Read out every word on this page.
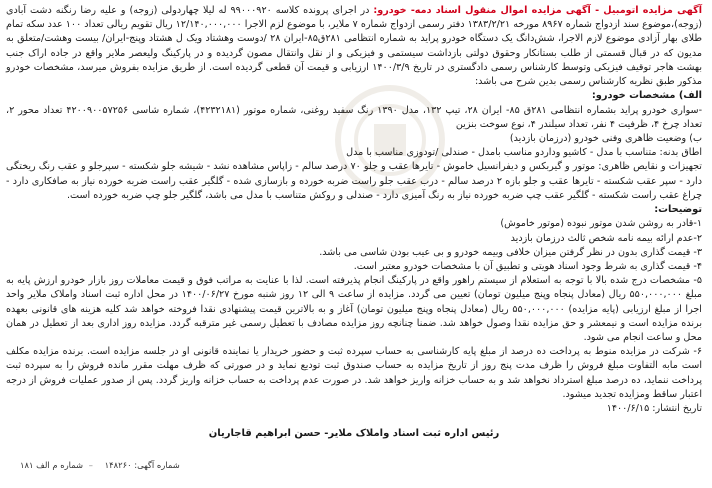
آگهی مزایده اتومبیل - آگهی مزایده اموال منقول اسناد دمه- خودرو: در اجرای پرونده کلاسه ۹۹۰۰۰۹۲۰ له لیلا چهاردولی (زوجه) و علیه رضا رنگنه دشت آبادی (زوجه)،موضوع سند ازدواج شماره ۸۹۶۷ مورخه ۱۳۸۳/۲/۲۱ دفتر رسمی ازدواج شماره ۷ ملایر، با موضوع لزم الاجرا ۱۲/۱۴۰,۰۰۰,۰۰۰ ریال تقویم ریالی تعداد ۱۰۰ عدد سکه تمام طلای بهار آزادی موضوع لازم الاجرا، شش‌دانگ یک دستگاه خودرو پراید به شماره انتظامی ۲۸۱ق۸۵-ایران ۲۸ /دوست وهشتاد ویک ل هشتاد وپنج-ایران/ بیست وهشت/متعلق به مدیون که در قبال قسمتی از طلب بستانکار وحقوق دولتی بازداشت سیستمی و فیزیکی و از نقل وانتقال مصون گردیده و در پارکینگ ولیعصر ملایر واقع در جاده اراک جنب بهشت هاجر توقیف فیزیکی وتوسط کارشناس رسمی دادگستری در تاریخ ۱۴۰۰/۳/۹ ارزیابی و قیمت آن قطعی گردیده است. از طریق مزایده بفروش میرسد، مشخصات خودرو مذکور طبق نظریه کارشناس رسمی بدین شرح می باشد:

الف) مشخصات خودرو:

-سواری خودرو پراید بشماره انتظامی ۲۸۱ق ۸۵- ایران ۲۸، تیپ ۱۳۲، مدل ۱۳۹۰ رنگ سفید روغنی، شماره موتور (۴۲۳۲۱۸۱)، شماره شاسی ۴۲۰۰۹۰۰۵۷۲۵۶ تعداد محور ۲، تعداد چرخ ۴، ظرفیت ۴ نفر، تعداد سیلندر ۴، نوع سوخت بنزین

ب) وضعیت ظاهری وفنی خودرو (درزمان بازدید)

اطاق بدنه: متناسب با مدل - کاشیو وداردو مناسب بامدل - صندلی /تودوزی مناسب با مدل

تجهیزات و نقایص ظاهری: موتور و گیربکس و دیفرانسیل خاموش - تایرها عقب و جلو ۷۰ درصد سالم - زاپاس مشاهده نشد - شیشه جلو شکسته - سپرجلو و عقب رنگ ریختگی دارد - سپر عقب شکسته - تایرها عقب و جلو بازه ۲ درصد سالم - درب عقب جلو راست ضربه خورده و بازسازی شده - گلگیر عقب راست ضربه خورده نیاز به صافکاری دارد - چراغ عقب راست شکسته - گلگیر عقب چپ ضربه خورده نیاز به رنگ آمیزی دارد - صندلی و روکش متناسب با مدل می باشد، گلگیر جلو چپ ضربه خورده است.

توضیحات:

۱-قادر به روشن شدن موتور نبوده (موتور خاموش)

۲-عدم ارائه بیمه نامه شخص ثالث درزمان بازدید

۳- قیمت گذاری بدون در نظر گرفتن میزان خلافی وبیمه خودرو و بی عیب بودن شاسی می باشد.

۴- قیمت گذاری به شرط وجود اسناد هویتی و تطبیق آن با مشخصات خودرو معتبر است.

۵- مشخصات درج شده بالا با توجه به استعلام از سیستم راهور واقع در پارکینگ انجام پذیرفته است. لذا با عنایت به مراتب فوق و قیمت معاملات روز بازار خودرو ارزش پایه به مبلغ ۵۵۰,۰۰۰,۰۰۰ ریال (معادل پنجاه وپنج میلیون تومان) تعیین می گردد. مزایده از ساعت ۹ الی ۱۲ روز شنبه مورخ ۱۴۰۰/۰۶/۲۷ در محل اداره ثبت اسناد واملاک ملایر واحد اجرا از مبلغ ارزیابی (پایه مزایده) ۵۵۰,۰۰۰,۰۰۰ ریال (معادل پنجاه وپنج میلیون تومان) آغاز و به بالاترین قیمت پیشنهادی نقدا فروخته خواهد شد کلیه هزینه های قانونی بعهده برنده مزایده است و نیمعشر و حق مزایده نقدا وصول خواهد شد. ضمنا چنانچه روز مزایده مصادف با تعطیل رسمی غیر مترقبه گردد. مزایده روز اداری بعد از تعطیل در همان محل و ساعت انجام می شود.

۶- شرکت در مزایده منوط به پرداخت ده درصد از مبلغ پایه کارشناسی به حساب سپرده ثبت و حضور خریدار یا نماینده قانونی او در جلسه مزایده است. برنده مزایده مکلف است مابه التفاوت مبلغ فروش را ظرف مدت پنج روز از تاریخ مزایده به حساب صندوق ثبت تودیع نماید و در صورتی که ظرف مهلت مقرر مانده فروش را به سپرده ثبت پرداخت ننماید، ده درصد مبلغ استرداد نخواهد شد و به حساب خزانه واریز خواهد شد. در صورت عدم پرداخت به حساب خزانه واریز گردد. پس از صدور عملیات فروش از درجه اعتبار ساقط ومزایده تجدید میشود.

تاریخ انتشار: ۱۴۰۰/۶/۱۵

رئیس اداره ثبت اسناد واملاک ملایر- حسن ابراهیم قاجاریان
شماره آگهی: ۱۴۸۲۶۰ – شماره م الف ۱۸۱
